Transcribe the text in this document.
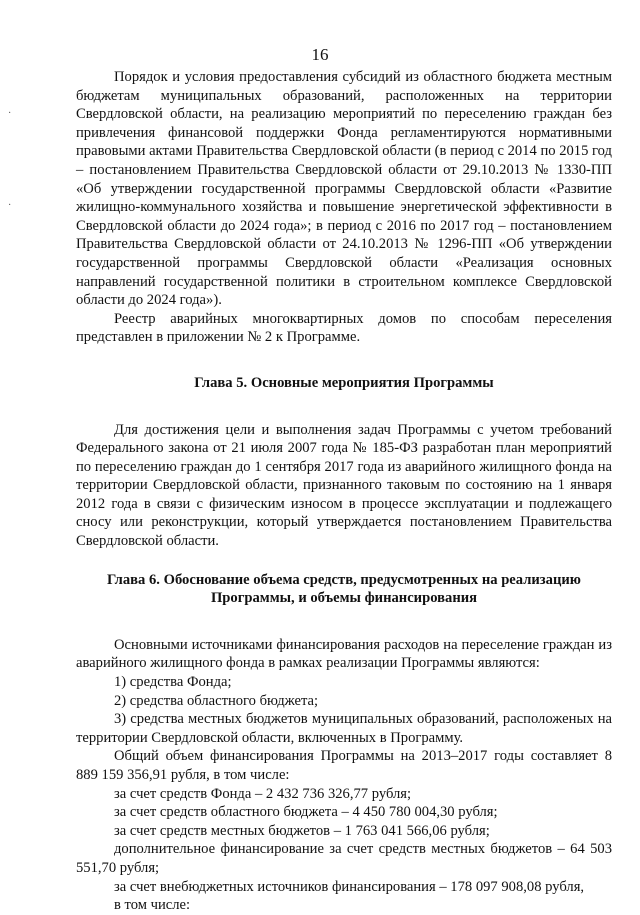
16
·
·

Порядок и условия предоставления субсидий из областного бюджета местным бюджетам муниципальных образований, расположенных на территории Свердловской области, на реализацию мероприятий по переселению граждан без привлечения финансовой поддержки Фонда регламентируются нормативными правовыми актами Правительства Свердловской области (в период с 2014 по 2015 год – постановлением Правительства Свердловской области от 29.10.2013 № 1330-ПП «Об утверждении государственной программы Свердловской области «Развитие жилищно-коммунального хозяйства и повышение энергетической эффективности в Свердловской области до 2024 года»; в период с 2016 по 2017 год – постановлением Правительства Свердловской области от 24.10.2013 № 1296-ПП «Об утверждении государственной программы Свердловской области «Реализация основных направлений государственной политики в строительном комплексе Свердловской области до 2024 года»).

Реестр аварийных многоквартирных домов по способам переселения представлен в приложении № 2 к Программе.

Глава 5. Основные мероприятия Программы

Для достижения цели и выполнения задач Программы с учетом требований Федерального закона от 21 июля 2007 года № 185-ФЗ разработан план мероприятий по переселению граждан до 1 сентября 2017 года из аварийного жилищного фонда на территории Свердловской области, признанного таковым по состоянию на 1 января 2012 года в связи с физическим износом в процессе эксплуатации и подлежащего сносу или реконструкции, который утверждается постановлением Правительства Свердловской области.

Глава 6. Обоснование объема средств, предусмотренных на реализацию
Программы, и объемы финансирования

Основными источниками финансирования расходов на переселение граждан из аварийного жилищного фонда в рамках реализации Программы являются:

1) средства Фонда;

2) средства областного бюджета;

3) средства местных бюджетов муниципальных образований, расположеных на территории Свердловской области, включенных в Программу.

Общий объем финансирования Программы на 2013–2017 годы составляет 8 889 159 356,91 рубля, в том числе:

за счет средств Фонда – 2 432 736 326,77 рубля;

за счет средств областного бюджета – 4 450 780 004,30 рубля;

за счет средств местных бюджетов – 1 763 041 566,06 рубля;

дополнительное финансирование за счет средств местных бюджетов – 64 503 551,70 рубля;

за счет внебюджетных источников финансирования – 178 097 908,08 рубля,

в том числе:
